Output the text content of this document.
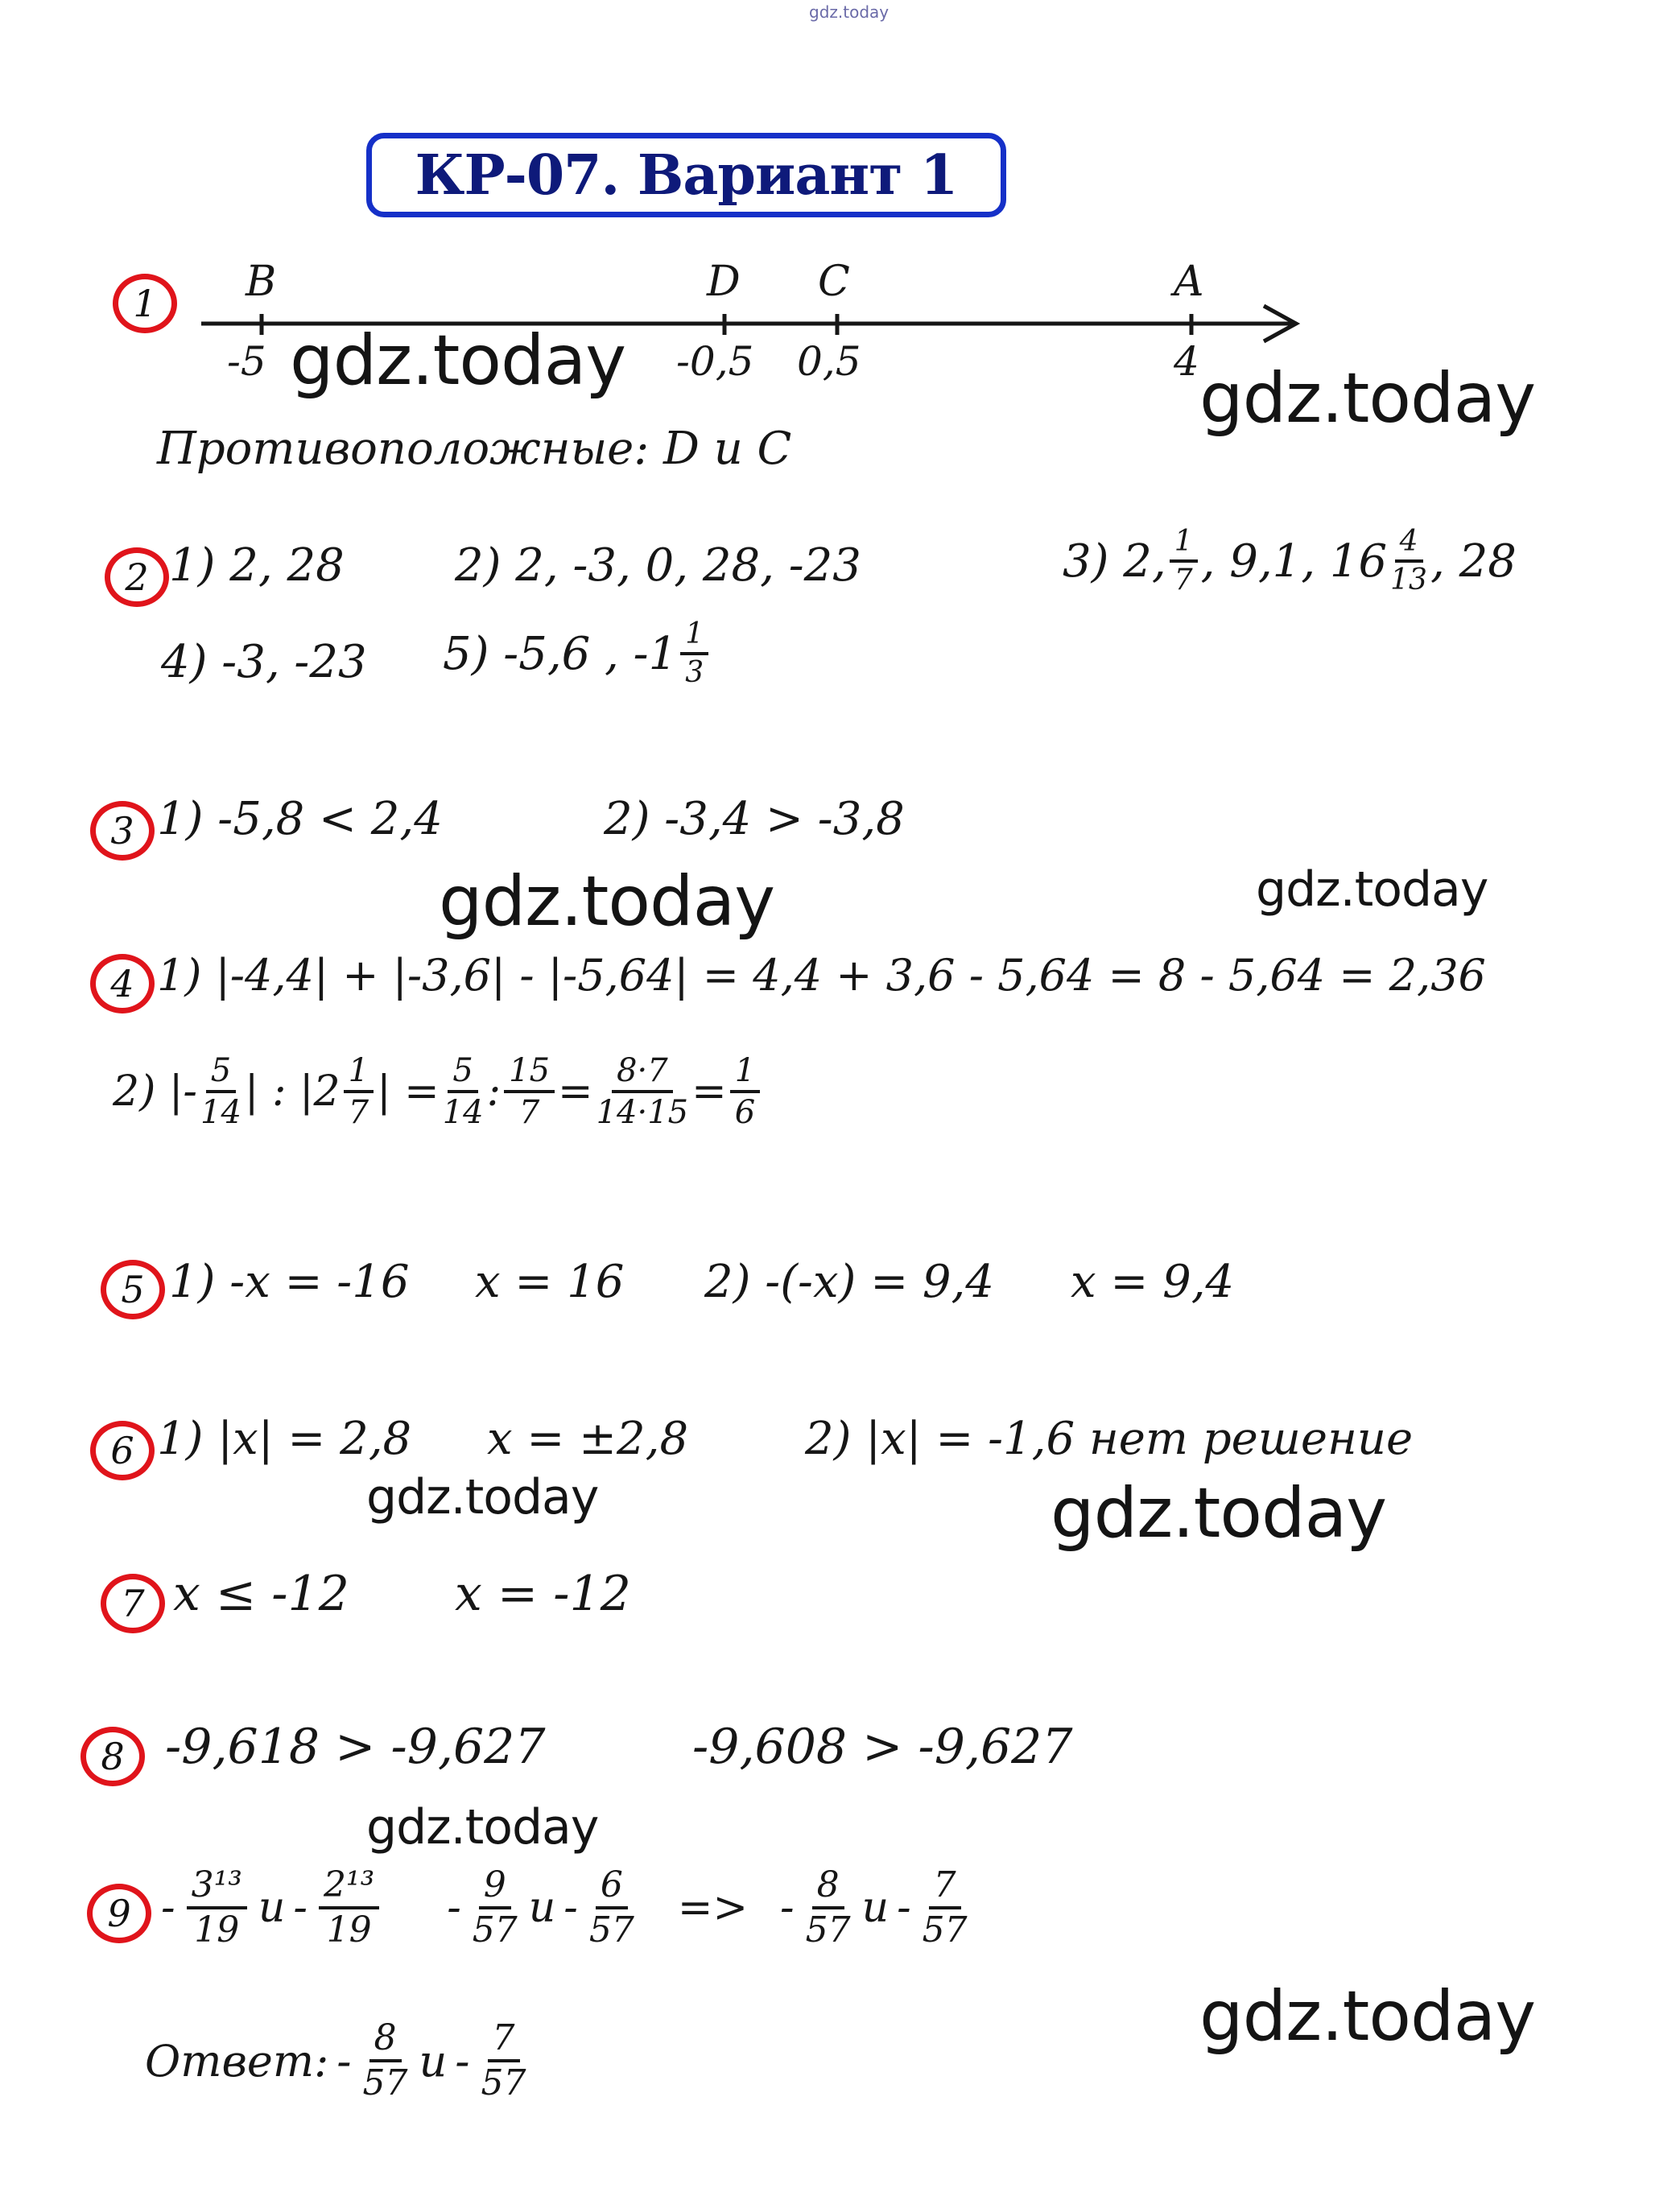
gdz.today
КР-07. Вариант 1
1 B	D C	A
-5	-0,5 0,5	4
Противоположные: D и C
2 1) 2, 28 2) 2, -3, 0, 28, -23	3) 2, $\frac{1}{7}$ , 9,1, $16 \frac{4}{13}$ , 28
4) -3, -23 5) -5,6 , $-1 \frac{1}{3}$
3 1) -5,8 < 2,4	2) -3,4 > -3,8
4 1) |-4,4| + |-3,6| - |-5,64| = 4,4 + 3,6 - 5,64 = 8 - 5,64 = 2,36
2) |- $\frac{5}{14}$ | : $|2 \frac{1}{7}$ | = $\frac{5}{14}$ : $\frac{15}{7} = \frac{8\cdot 7}{14\cdot 15} = \frac{1}{6}$
5 1) -x = -16 x = 16 2) -(-x) = 9,4 x = 9,4
6 1) |x| = 2,8 x = ±2,8	2) |x| = -1,6 нет решение
7 x ≤ -12 x = -12
8 -9,618 > -9,627	-9,608 > -9,627
$9 - \frac{\text{3¹³}}{19}$ и - $\frac{\text{2¹³}}{19} - \frac{9}{57}$ и - $\frac{6}{57}$ => - $\frac{8}{57}$ и - $\frac{7}{57}$
Ответ: - $\frac{8}{57}$ и - $\frac{7}{57}$
gdz.today	gdz.today
gdz.today	gdz.today
gdz.today	gdz.today
gdz.today
gdz.today
